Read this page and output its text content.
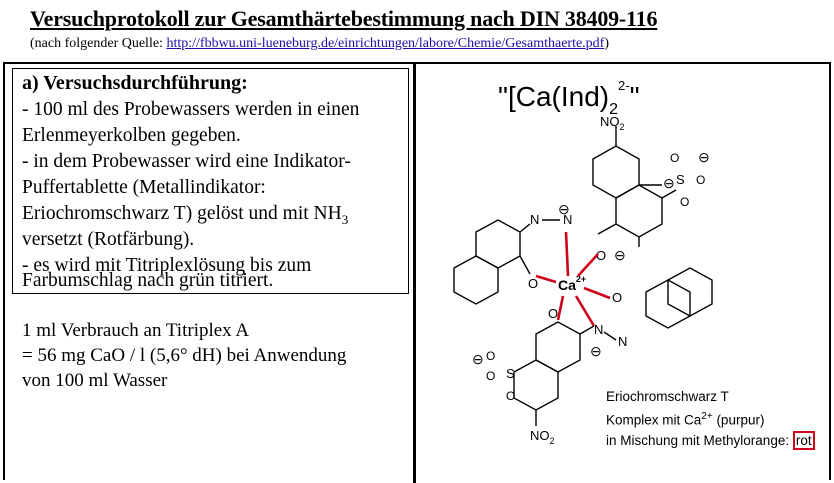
Versuchprotokoll zur Gesamthärtebestimmung nach DIN 38409-116
(nach folgender Quelle: http://fbbwu.uni-lueneburg.de/einrichtungen/labore/Chemie/Gesamthaerte.pdf)
a) Versuchsdurchführung:
- 100 ml des Probewassers werden in einen
Erlenmeyerkolben gegeben.
- in dem Probewasser wird eine Indikator-
Puffertablette (Metallindikator:
Eriochromschwarz T) gelöst und mit $NH_3$
versetzt (Rotfärbung).
- es wird mit Titriplexlösung bis zum
Farbumschlag nach grün titriert.
1 ml Verbrauch an Titriplex A
= 56 mg CaO / l (5,6° dH) bei Anwendung
von 100 ml Wasser
"[$Ca(Ind)_2^{2-}$"
$NO_2$
S
O
O
O
⊖
⊖
O ⊖
N
N
⊖
O
O
$Ca^{2+}$
O
N
N
⊖
S
O
O
O
⊖
$NO_2$
Eriochromschwarz T
Komplex mit $Ca^{2+}$ (purpur)
in Mischung mit Methylorange: rot
